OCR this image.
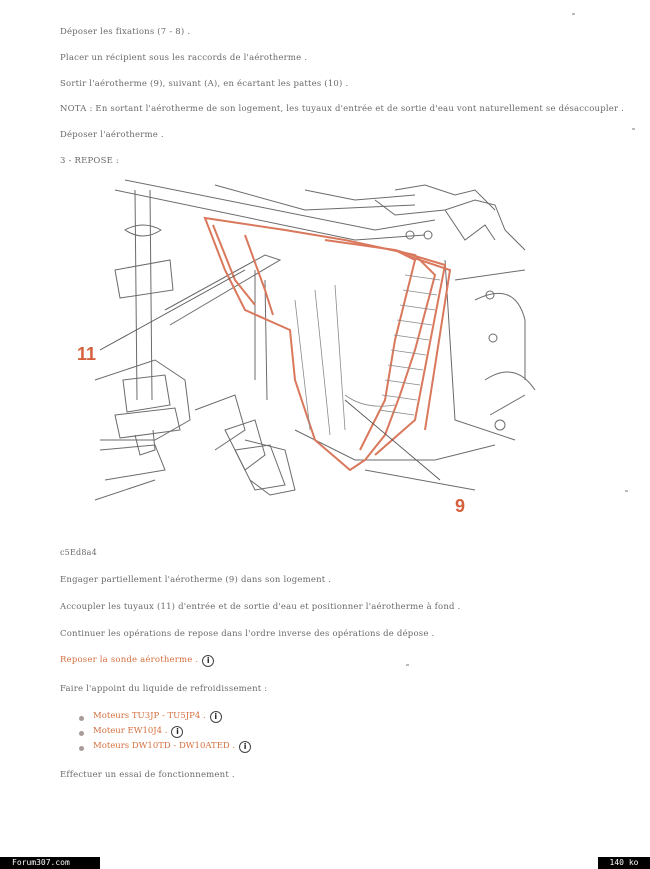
Déposer les fixations (7 - 8) .
Placer un récipient sous les raccords de l'aérotherme .
Sortir l'aérotherme (9), suivant (A), en écartant les pattes (10) .
NOTA : En sortant l'aérotherme de son logement, les tuyaux d'entrée et de sortie d'eau vont naturellement se désaccoupler .
Déposer l'aérotherme .
3 - REPOSE :
11
9
c5Ed8a4
Engager partiellement l'aérotherme (9) dans son logement .
Accoupler les tuyaux (11) d'entrée et de sortie d'eau et positionner l'aérotherme à fond .
Continuer les opérations de repose dans l'ordre inverse des opérations de dépose .
Reposer la sonde aérotherme . i
Faire l'appoint du liquide de refroidissement :
Moteurs TU3JP - TU5JP4 . i
Moteur EW10J4 . i
Moteurs DW10TD - DW10ATED . i
Effectuer un essai de fonctionnement .
Forum307.com	140 ko
